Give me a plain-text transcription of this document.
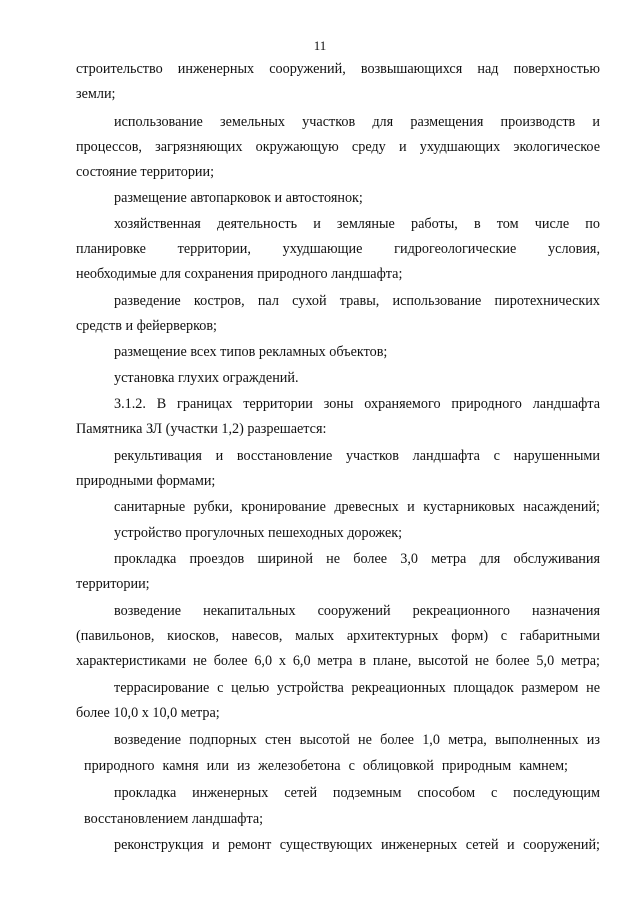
11
строительство инженерных сооружений, возвышающихся над поверхностью
земли;
использование земельных участков для размещения производств и
процессов, загрязняющих окружающую среду и ухудшающих экологическое
состояние территории;
размещение автопарковок и автостоянок;
хозяйственная деятельность и земляные работы, в том числе по
планировке территории, ухудшающие гидрогеологические условия,
необходимые для сохранения природного ландшафта;
разведение костров, пал сухой травы, использование пиротехнических
средств и фейерверков;
размещение всех типов рекламных объектов;
установка глухих ограждений.
3.1.2. В границах территории зоны охраняемого природного ландшафта
Памятника ЗЛ (участки 1,2) разрешается:
рекультивация и восстановление участков ландшафта с нарушенными
природными формами;
санитарные рубки, кронирование древесных и кустарниковых насаждений;
устройство прогулочных пешеходных дорожек;
прокладка проездов шириной не более 3,0 метра для обслуживания
территории;
возведение некапитальных сооружений рекреационного назначения
(павильонов, киосков, навесов, малых архитектурных форм) с габаритными
характеристиками не более 6,0 х 6,0 метра в плане, высотой не более 5,0 метра;
террасирование с целью устройства рекреационных площадок размером не
более 10,0 х 10,0 метра;
возведение подпорных стен высотой не более 1,0 метра, выполненных из
природного камня или из железобетона с облицовкой природным камнем;
прокладка инженерных сетей подземным способом с последующим
восстановлением ландшафта;
реконструкция и ремонт существующих инженерных сетей и сооружений;
